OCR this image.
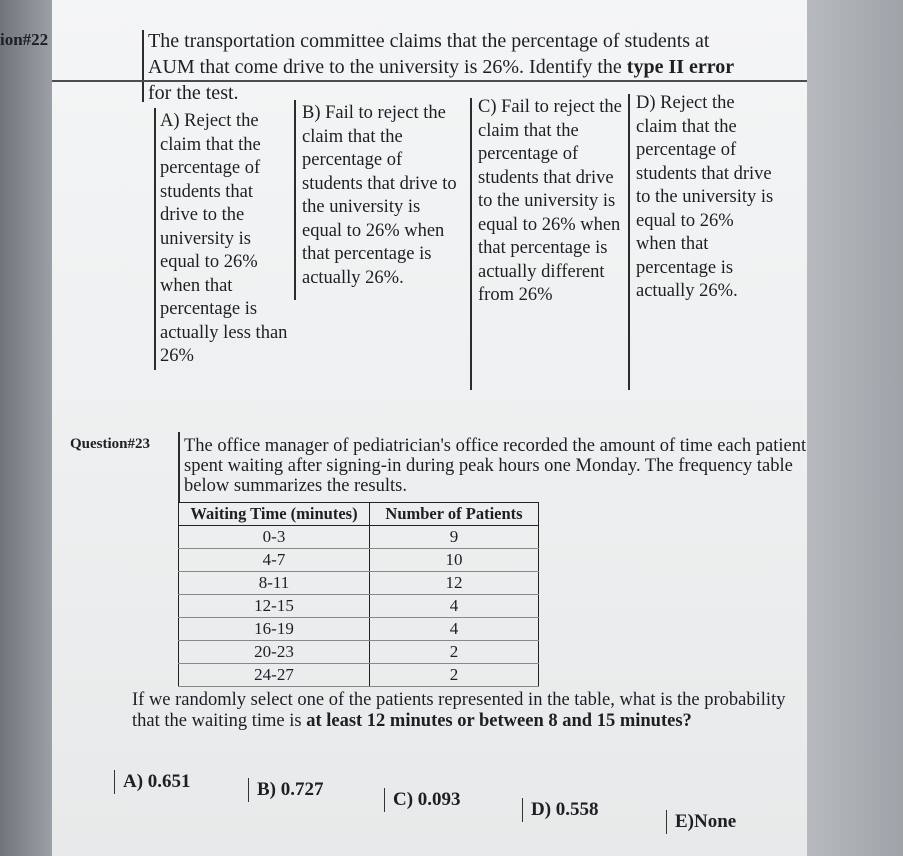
ion#22	The transportation committee claims that the percentage of students at
AUM that come drive to the university is 26%. Identify the type II error
for the test.
A) Reject the claim that the percentage of students that drive to the university is equal to 26% when that percentage is actually less than 26%
B) Fail to reject the claim that the percentage of students that drive to the university is equal to 26% when that percentage is actually 26%.
C) Fail to reject the claim that the percentage of students that drive to the university is equal to 26% when that percentage is actually different from 26%
D) Reject the claim that the percentage of students that drive to the university is equal to 26% when that percentage is actually 26%.
Question#23 The office manager of pediatrician's office recorded the amount of time each patient spent waiting after signing-in during peak hours one Monday. The frequency table below summarizes the results.
Waiting Time (minutes)	Number of Patients
0-3	9
4-7	10
8-11	12
12-15	4
16-19	4
20-23	2
24-27	2
If we randomly select one of the patients represented in the table, what is the probability that the waiting time is at least 12 minutes or between 8 and 15 minutes?
A) 0.651	B) 0.727	C) 0.093	D) 0.558
E)None
